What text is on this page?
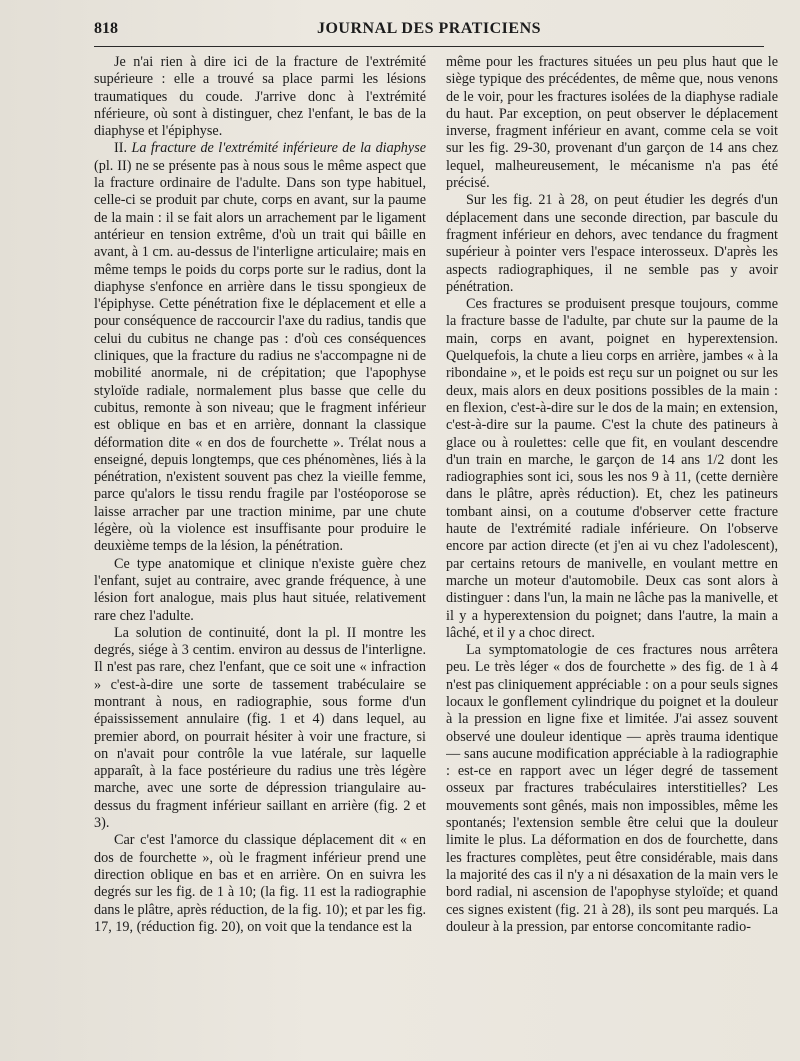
818	JOURNAL DES PRATICIENS

Je n'ai rien à dire ici de la fracture de l'extrémité supérieure : elle a trouvé sa place parmi les lésions traumatiques du coude. J'arrive donc à l'extrémité nférieure, où sont à distinguer, chez l'enfant, le bas de la diaphyse et l'épiphyse.

II. La fracture de l'extrémité inférieure de la diaphyse (pl. II) ne se présente pas à nous sous le même aspect que la fracture ordinaire de l'adulte. Dans son type habituel, celle-ci se produit par chute, corps en avant, sur la paume de la main : il se fait alors un arrachement par le ligament antérieur en tension extrême, d'où un trait qui bâille en avant, à 1 cm. au-dessus de l'interligne articulaire; mais en même temps le poids du corps porte sur le radius, dont la diaphyse s'enfonce en arrière dans le tissu spongieux de l'épiphyse. Cette pénétration fixe le déplacement et elle a pour conséquence de raccourcir l'axe du radius, tandis que celui du cubitus ne change pas : d'où ces conséquences cliniques, que la fracture du radius ne s'accompagne ni de mobilité anormale, ni de crépitation; que l'apophyse styloïde radiale, normalement plus basse que celle du cubitus, remonte à son niveau; que le fragment inférieur est oblique en bas et en arrière, donnant la classique déformation dite « en dos de fourchette ». Trélat nous a enseigné, depuis longtemps, que ces phénomènes, liés à la pénétration, n'existent souvent pas chez la vieille femme, parce qu'alors le tissu rendu fragile par l'ostéoporose se laisse arracher par une traction minime, par une chute légère, où la violence est insuffisante pour produire le deuxième temps de la lésion, la pénétration.

Ce type anatomique et clinique n'existe guère chez l'enfant, sujet au contraire, avec grande fréquence, à une lésion fort analogue, mais plus haut située, relativement rare chez l'adulte.

La solution de continuité, dont la pl. II montre les degrés, siége à 3 centim. environ au dessus de l'interligne. Il n'est pas rare, chez l'enfant, que ce soit une « infraction » c'est-à-dire une sorte de tassement trabéculaire se montrant à nous, en radiographie, sous forme d'un épaississement annulaire (fig. 1 et 4) dans lequel, au premier abord, on pourrait hésiter à voir une fracture, si on n'avait pour contrôle la vue latérale, sur laquelle apparaît, à la face postérieure du radius une très légère marche, avec une sorte de dépression triangulaire au-dessus du fragment inférieur saillant en arrière (fig. 2 et 3).

Car c'est l'amorce du classique déplacement dit « en dos de fourchette », où le fragment inférieur prend une direction oblique en bas et en arrière. On en suivra les degrés sur les fig. de 1 à 10; (la fig. 11 est la radiographie dans le plâtre, après réduction, de la fig. 10); et par les fig. 17, 19, (réduction fig. 20), on voit que la tendance est la

même pour les fractures situées un peu plus haut que le siège typique des précédentes, de même que, nous venons de le voir, pour les fractures isolées de la diaphyse radiale du haut. Par exception, on peut observer le déplacement inverse, fragment inférieur en avant, comme cela se voit sur les fig. 29-30, provenant d'un garçon de 14 ans chez lequel, malheureusement, le mécanisme n'a pas été précisé.

Sur les fig. 21 à 28, on peut étudier les degrés d'un déplacement dans une seconde direction, par bascule du fragment inférieur en dehors, avec tendance du fragment supérieur à pointer vers l'espace interosseux. D'après les aspects radiographiques, il ne semble pas y avoir pénétration.

Ces fractures se produisent presque toujours, comme la fracture basse de l'adulte, par chute sur la paume de la main, corps en avant, poignet en hyperextension. Quelquefois, la chute a lieu corps en arrière, jambes « à la ribondaine », et le poids est reçu sur un poignet ou sur les deux, mais alors en deux positions possibles de la main : en flexion, c'est-à-dire sur le dos de la main; en extension, c'est-à-dire sur la paume. C'est la chute des patineurs à glace ou à roulettes: celle que fit, en voulant descendre d'un train en marche, le garçon de 14 ans 1/2 dont les radiographies sont ici, sous les nos 9 à 11, (cette dernière dans le plâtre, après réduction). Et, chez les patineurs tombant ainsi, on a coutume d'observer cette fracture haute de l'extrémité radiale inférieure. On l'observe encore par action directe (et j'en ai vu chez l'adolescent), par certains retours de manivelle, en voulant mettre en marche un moteur d'automobile. Deux cas sont alors à distinguer : dans l'un, la main ne lâche pas la manivelle, et il y a hyperextension du poignet; dans l'autre, la main a lâché, et il y a choc direct.

La symptomatologie de ces fractures nous arrêtera peu. Le très léger « dos de fourchette » des fig. de 1 à 4 n'est pas cliniquement appréciable : on a pour seuls signes locaux le gonflement cylindrique du poignet et la douleur à la pression en ligne fixe et limitée. J'ai assez souvent observé une douleur identique — après trauma identique — sans aucune modification appréciable à la radiographie : est-ce en rapport avec un léger degré de tassement osseux par fractures trabéculaires interstitielles? Les mouvements sont gênés, mais non impossibles, même les spontanés; l'extension semble être celui que la douleur limite le plus. La déformation en dos de fourchette, dans les fractures complètes, peut être considérable, mais dans la majorité des cas il n'y a ni désaxation de la main vers le bord radial, ni ascension de l'apophyse styloïde; et quand ces signes existent (fig. 21 à 28), ils sont peu marqués. La douleur à la pression, par entorse concomitante radio-
